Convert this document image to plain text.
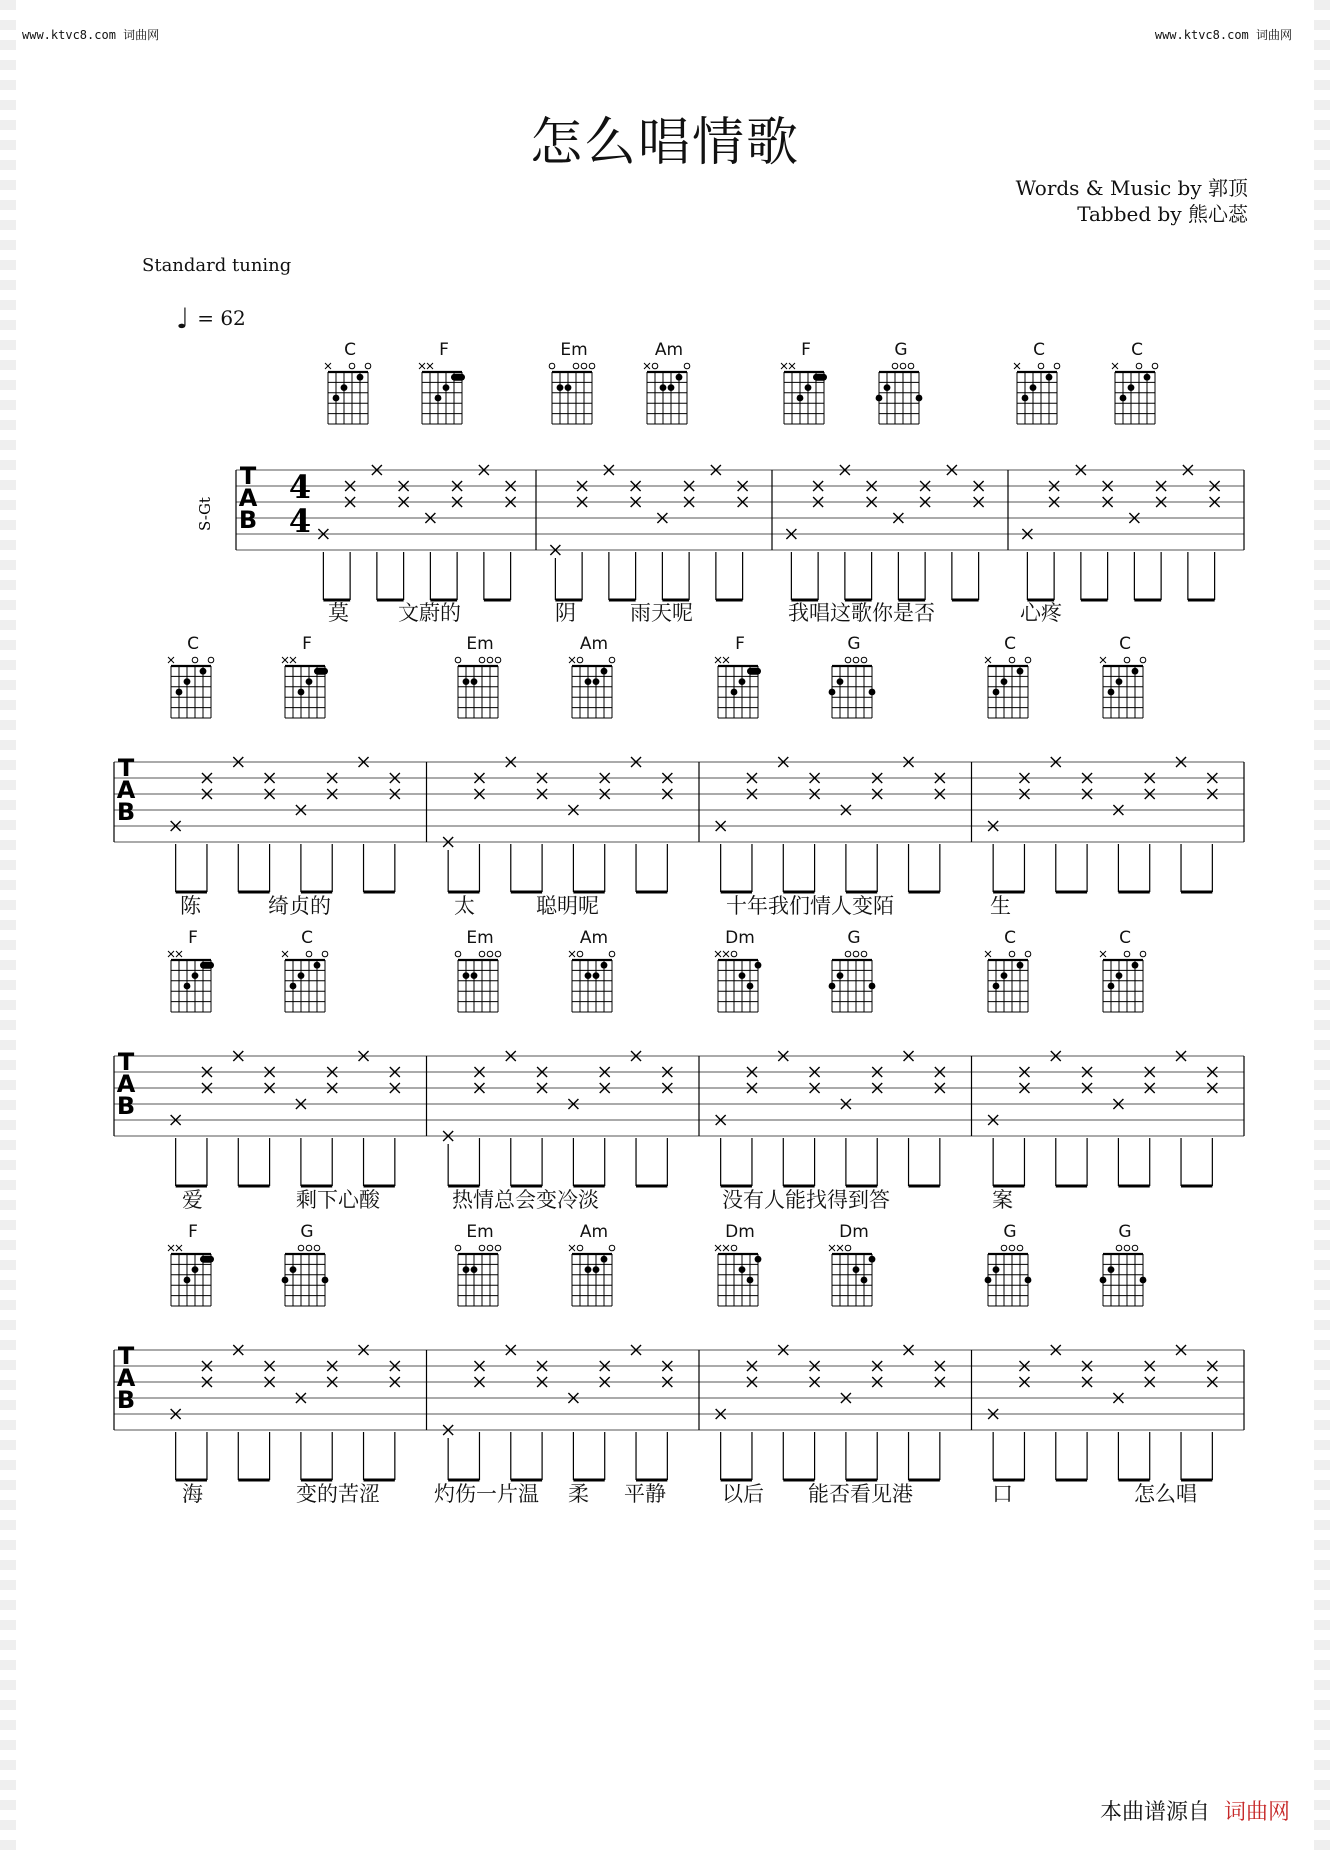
www.ktvc8.com 词曲网	www.ktvc8.com 词曲网
怎么唱情歌
Words & Music by 郭顶
Tabbed by 熊心蕊
Standard tuning
♩ = 62
C	F	Em	Am	F	G	C	C
T
A
B
4
4
S-Gt
莫 文蔚的	阴	雨天呢	我唱这歌你是否	心疼
C	F	Em	Am	F	G	C	C
T
A
B
陈	绮贞的	太	聪明呢	十年我们情人变陌	生
F	C	Em	Am	Dm	G	C	C
T
A
B
爱	剩下心酸	热情总会变冷淡	没有人能找得到答	案
F	G	Em	Am	Dm	Dm	G	G
T
A
B
海	变的苦涩	灼伤一片温 柔 平静	以后 能否看见港	口	怎么唱
本曲谱源自 词曲网
